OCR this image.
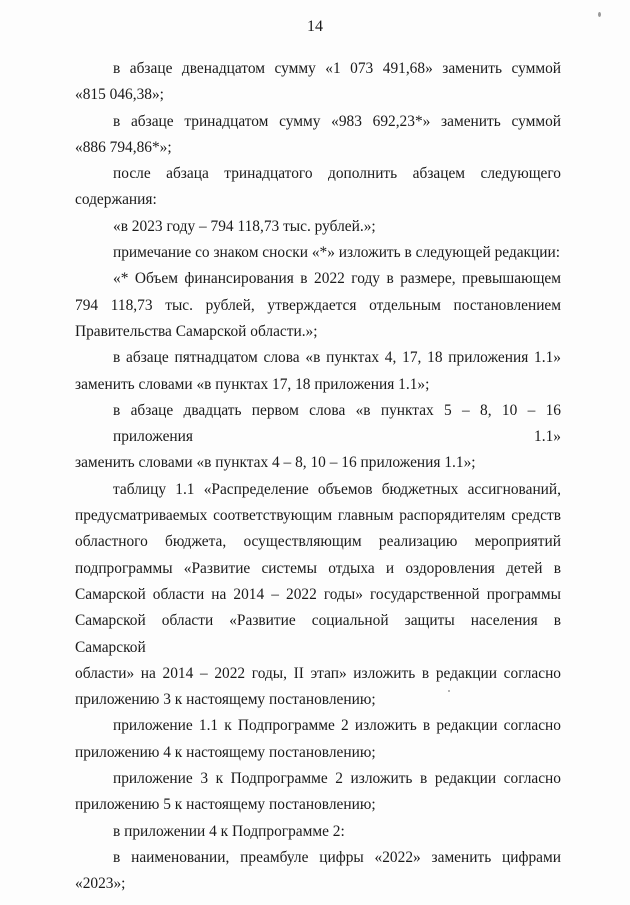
14
в абзаце двенадцатом сумму «1 073 491,68» заменить суммой
«815 046,38»;
в абзаце тринадцатом сумму «983 692,23*» заменить суммой
«886 794,86*»;
после абзаца тринадцатого дополнить абзацем следующего
содержания:
«в 2023 году – 794 118,73 тыс. рублей.»;
примечание со знаком сноски «*» изложить в следующей редакции:
«* Объем финансирования в 2022 году в размере, превышающем
794 118,73 тыс. рублей, утверждается отдельным постановлением
Правительства Самарской области.»;
в абзаце пятнадцатом слова «в пунктах 4, 17, 18 приложения 1.1»
заменить словами «в пунктах 17, 18 приложения 1.1»;
в абзаце двадцать первом слова «в пунктах 5 – 8, 10 – 16 приложения 1.1»
заменить словами «в пунктах 4 – 8, 10 – 16 приложения 1.1»;
таблицу 1.1 «Распределение объемов бюджетных ассигнований,
предусматриваемых соответствующим главным распорядителям средств
областного бюджета, осуществляющим реализацию мероприятий
подпрограммы «Развитие системы отдыха и оздоровления детей в
Самарской области на 2014 – 2022 годы» государственной программы
Самарской области «Развитие социальной защиты населения в Самарской
области» на 2014 – 2022 годы, II этап» изложить в редакции согласно
приложению 3 к настоящему постановлению;
приложение 1.1 к Подпрограмме 2 изложить в редакции согласно
приложению 4 к настоящему постановлению;
приложение 3 к Подпрограмме 2 изложить в редакции согласно
приложению 5 к настоящему постановлению;
в приложении 4 к Подпрограмме 2:
в наименовании, преамбуле цифры «2022» заменить цифрами
«2023»;
